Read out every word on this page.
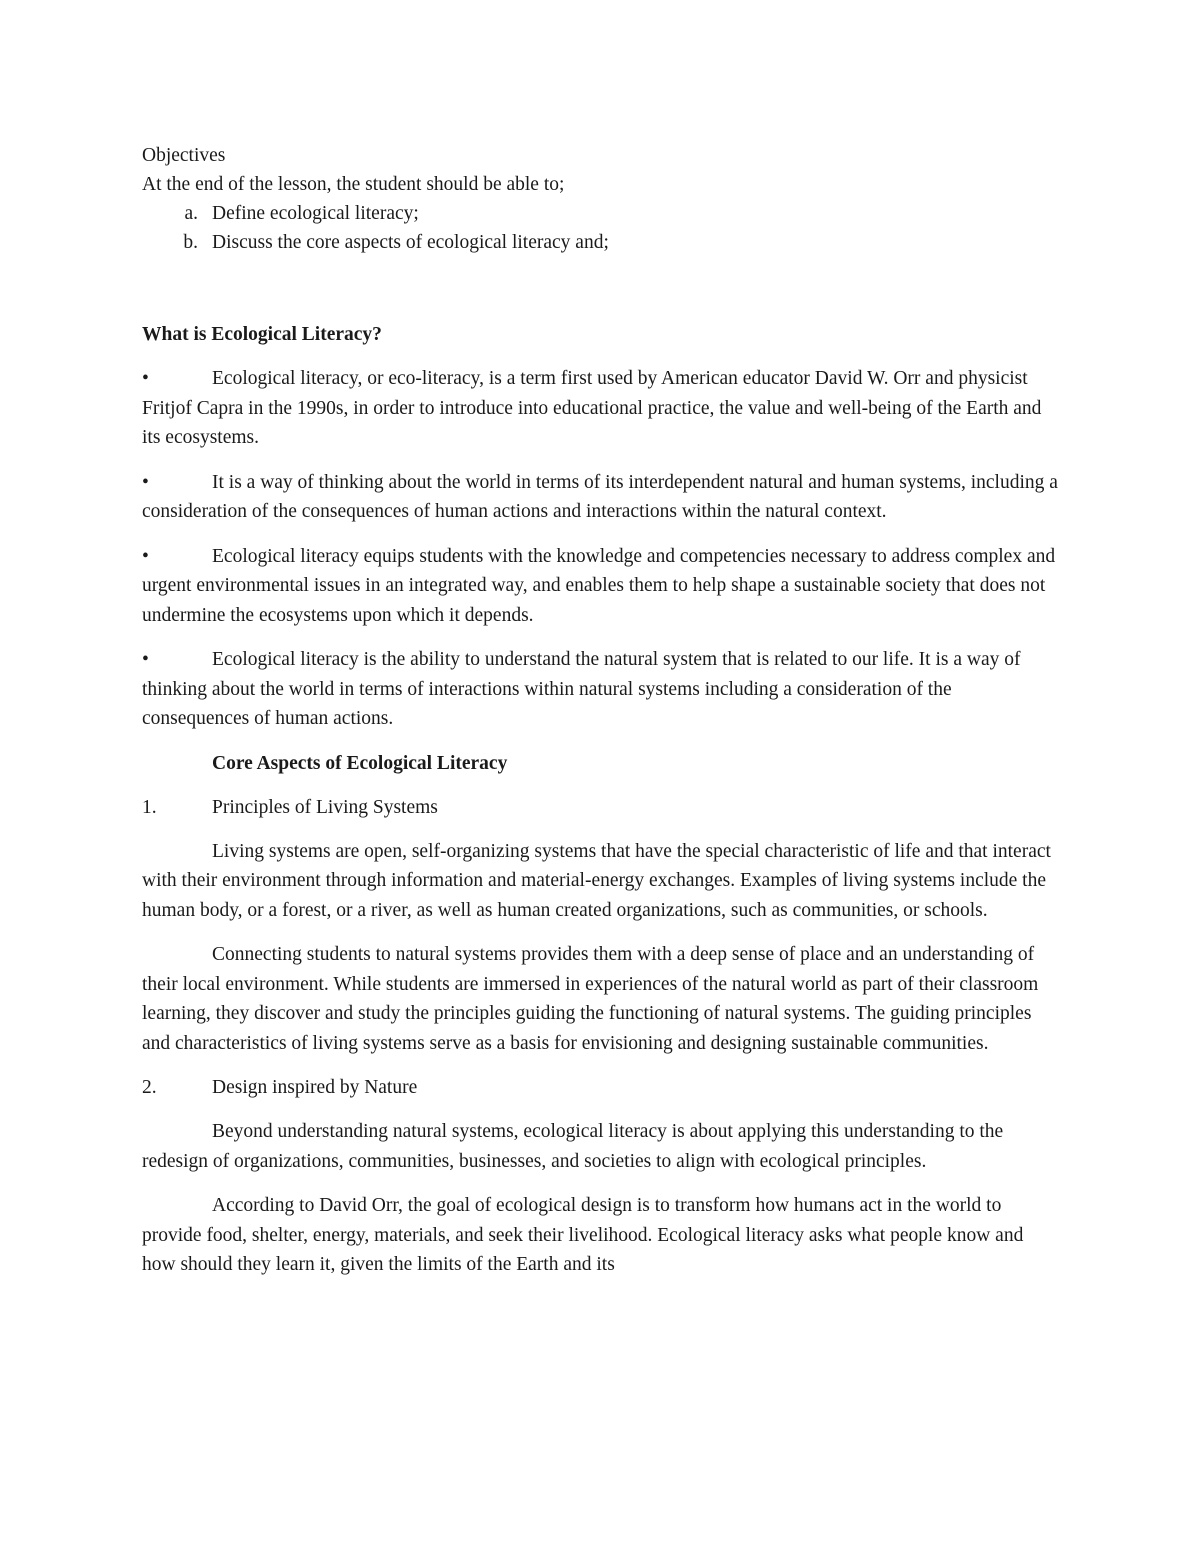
Objectives

At the end of the lesson, the student should be able to;

a. Define ecological literacy;
b. Discuss the core aspects of ecological literacy and;

What is Ecological Literacy?

•	Ecological literacy, or eco-literacy, is a term first used by American educator David W. Orr and physicist Fritjof Capra in the 1990s, in order to introduce into educational practice, the value and well-being of the Earth and its ecosystems.

•	It is a way of thinking about the world in terms of its interdependent natural and human systems, including a consideration of the consequences of human actions and interactions within the natural context.

•	Ecological literacy equips students with the knowledge and competencies necessary to address complex and urgent environmental issues in an integrated way, and enables them to help shape a sustainable society that does not undermine the ecosystems upon which it depends.

•	Ecological literacy is the ability to understand the natural system that is related to our life. It is a way of thinking about the world in terms of interactions within natural systems including a consideration of the consequences of human actions.

Core Aspects of Ecological Literacy

1.	Principles of Living Systems

Living systems are open, self-organizing systems that have the special characteristic of life and that interact with their environment through information and material-energy exchanges. Examples of living systems include the human body, or a forest, or a river, as well as human created organizations, such as communities, or schools.

Connecting students to natural systems provides them with a deep sense of place and an understanding of their local environment. While students are immersed in experiences of the natural world as part of their classroom learning, they discover and study the principles guiding the functioning of natural systems. The guiding principles and characteristics of living systems serve as a basis for envisioning and designing sustainable communities.

2.	Design inspired by Nature

Beyond understanding natural systems, ecological literacy is about applying this understanding to the redesign of organizations, communities, businesses, and societies to align with ecological principles.

According to David Orr, the goal of ecological design is to transform how humans act in the world to provide food, shelter, energy, materials, and seek their livelihood. Ecological literacy asks what people know and how should they learn it, given the limits of the Earth and its
